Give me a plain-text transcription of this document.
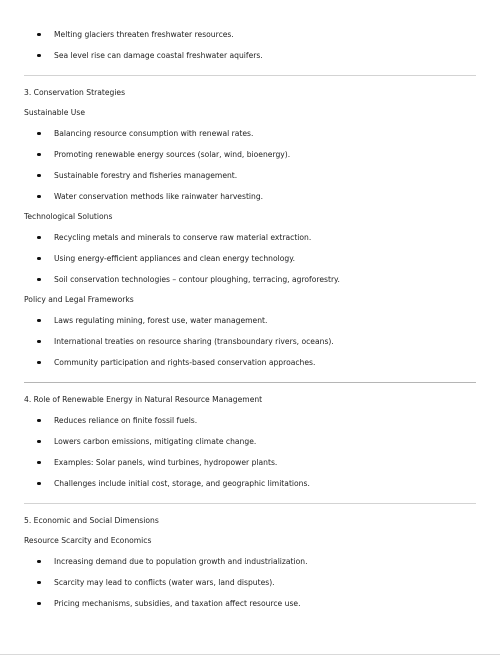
Melting glaciers threaten freshwater resources.
Sea level rise can damage coastal freshwater aquifers.
3. Conservation Strategies
Sustainable Use
Balancing resource consumption with renewal rates.
Promoting renewable energy sources (solar, wind, bioenergy).
Sustainable forestry and fisheries management.
Water conservation methods like rainwater harvesting.
Technological Solutions
Recycling metals and minerals to conserve raw material extraction.
Using energy-efficient appliances and clean energy technology.
Soil conservation technologies – contour ploughing, terracing, agroforestry.
Policy and Legal Frameworks
Laws regulating mining, forest use, water management.
International treaties on resource sharing (transboundary rivers, oceans).
Community participation and rights-based conservation approaches.
4. Role of Renewable Energy in Natural Resource Management
Reduces reliance on finite fossil fuels.
Lowers carbon emissions, mitigating climate change.
Examples: Solar panels, wind turbines, hydropower plants.
Challenges include initial cost, storage, and geographic limitations.
5. Economic and Social Dimensions
Resource Scarcity and Economics
Increasing demand due to population growth and industrialization.
Scarcity may lead to conflicts (water wars, land disputes).
Pricing mechanisms, subsidies, and taxation affect resource use.
